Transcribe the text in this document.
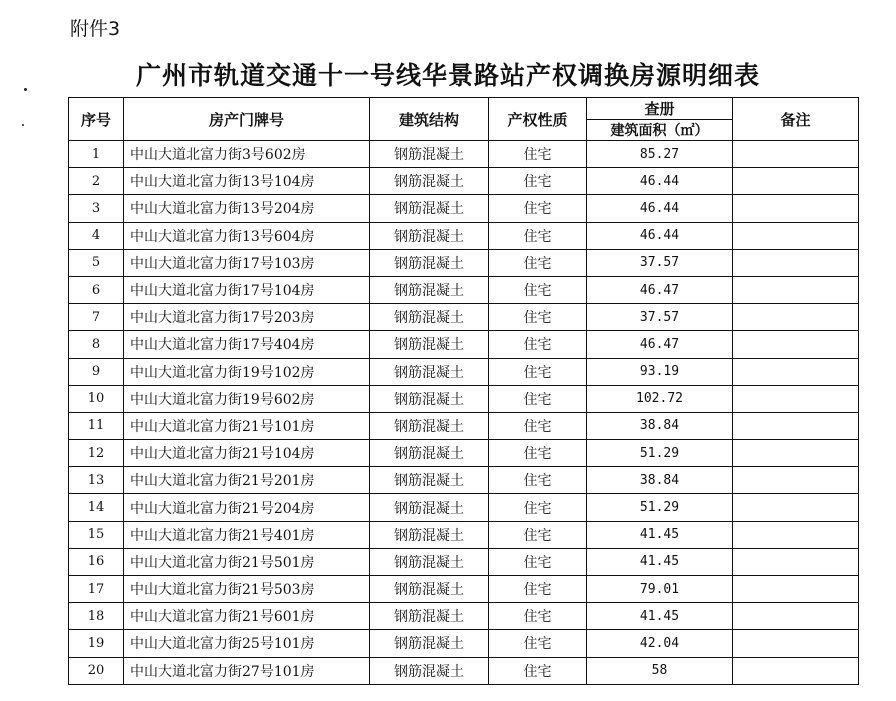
附件3
广州市轨道交通十一号线华景路站产权调换房源明细表
序号	房产门牌号	建筑结构	产权性质	查册	备注
				建筑面积（㎡）	
1	中山大道北富力街3号602房	钢筋混凝土	住宅	85.27	
2	中山大道北富力街13号104房	钢筋混凝土	住宅	46.44	
3	中山大道北富力街13号204房	钢筋混凝土	住宅	46.44	
4	中山大道北富力街13号604房	钢筋混凝土	住宅	46.44	
5	中山大道北富力街17号103房	钢筋混凝土	住宅	37.57	
6	中山大道北富力街17号104房	钢筋混凝土	住宅	46.47	
7	中山大道北富力街17号203房	钢筋混凝土	住宅	37.57	
8	中山大道北富力街17号404房	钢筋混凝土	住宅	46.47	
9	中山大道北富力街19号102房	钢筋混凝土	住宅	93.19	
10	中山大道北富力街19号602房	钢筋混凝土	住宅	102.72	
11	中山大道北富力街21号101房	钢筋混凝土	住宅	38.84	
12	中山大道北富力街21号104房	钢筋混凝土	住宅	51.29	
13	中山大道北富力街21号201房	钢筋混凝土	住宅	38.84	
14	中山大道北富力街21号204房	钢筋混凝土	住宅	51.29	
15	中山大道北富力街21号401房	钢筋混凝土	住宅	41.45	
16	中山大道北富力街21号501房	钢筋混凝土	住宅	41.45	
17	中山大道北富力街21号503房	钢筋混凝土	住宅	79.01	
18	中山大道北富力街21号601房	钢筋混凝土	住宅	41.45	
19	中山大道北富力街25号101房	钢筋混凝土	住宅	42.04	
20	中山大道北富力街27号101房	钢筋混凝土	住宅	58	
